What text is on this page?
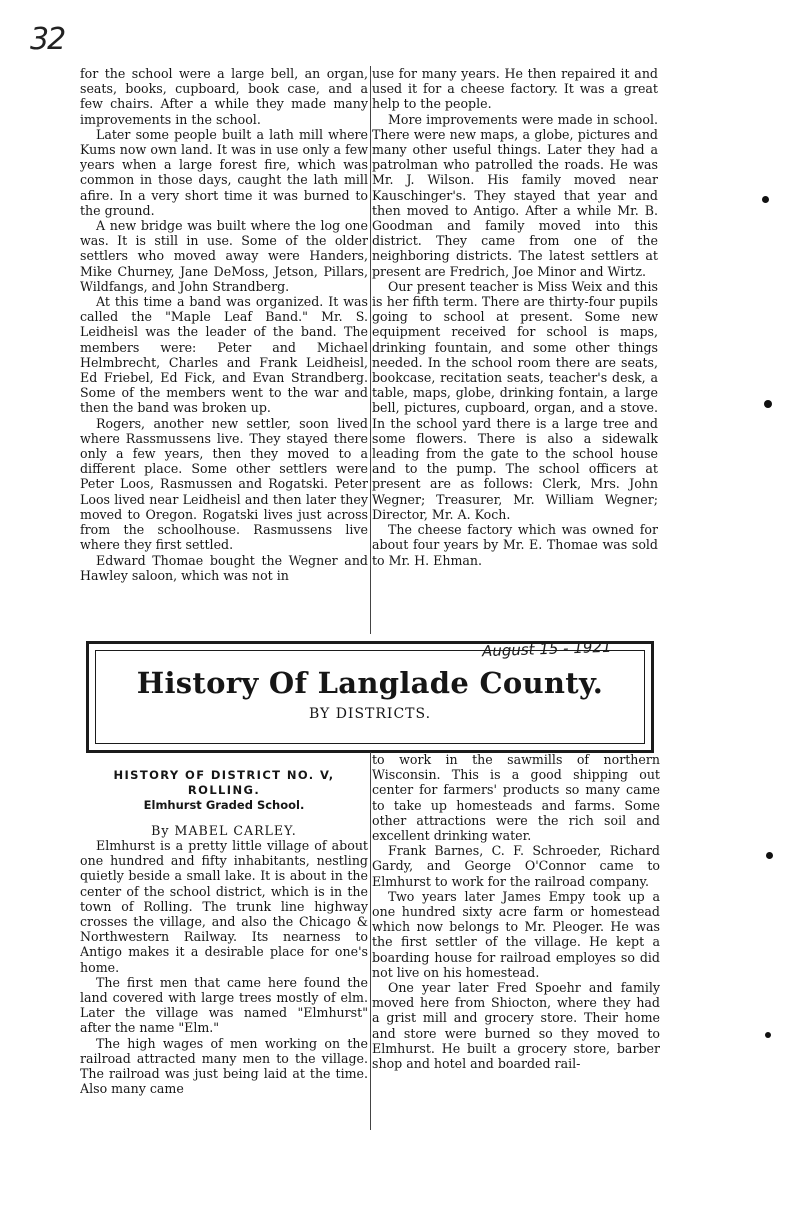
32

for the school were a large bell, an organ, seats, books, cupboard, book case, and a few chairs. After a while they made many improvements in the school.

Later some people built a lath mill where Kums now own land. It was in use only a few years when a large forest fire, which was common in those days, caught the lath mill afire. In a very short time it was burned to the ground.

A new bridge was built where the log one was. It is still in use. Some of the older settlers who moved away were Handers, Mike Churney, Jane DeMoss, Jetson, Pillars, Wildfangs, and John Strandberg.

At this time a band was organized. It was called the "Maple Leaf Band." Mr. S. Leidheisl was the leader of the band. The members were: Peter and Michael Helmbrecht, Charles and Frank Leidheisl, Ed Friebel, Ed Fick, and Evan Strandberg. Some of the members went to the war and then the band was broken up.

Rogers, another new settler, soon lived where Rassmussens live. They stayed there only a few years, then they moved to a different place. Some other settlers were Peter Loos, Rasmussen and Rogatski. Peter Loos lived near Leidheisl and then later they moved to Oregon. Rogatski lives just across from the schoolhouse. Rasmussens live where they first settled.

Edward Thomae bought the Wegner and Hawley saloon, which was not in

use for many years. He then repaired it and used it for a cheese factory. It was a great help to the people.

More improvements were made in school. There were new maps, a globe, pictures and many other useful things. Later they had a patrolman who patrolled the roads. He was Mr. J. Wilson. His family moved near Kauschinger's. They stayed that year and then moved to Antigo. After a while Mr. B. Goodman and family moved into this district. They came from one of the neighboring districts. The latest settlers at present are Fredrich, Joe Minor and Wirtz.

Our present teacher is Miss Weix and this is her fifth term. There are thirty-four pupils going to school at present. Some new equipment received for school is maps, drinking fountain, and some other things needed. In the school room there are seats, bookcase, recitation seats, teacher's desk, a table, maps, globe, drinking fontain, a large bell, pictures, cupboard, organ, and a stove. In the school yard there is a large tree and some flowers. There is also a sidewalk leading from the gate to the school house and to the pump. The school officers at present are as follows: Clerk, Mrs. John Wegner; Treasurer, Mr. William Wegner; Director, Mr. A. Koch.

The cheese factory which was owned for about four years by Mr. E. Thomae was sold to Mr. H. Ehman.

History Of Langlade County.
BY DISTRICTS.
August 15 - 1921
HISTORY OF DISTRICT NO. V, ROLLING.
Elmhurst Graded School.
By MABEL CARLEY.

Elmhurst is a pretty little village of about one hundred and fifty inhabitants, nestling quietly beside a small lake. It is about in the center of the school district, which is in the town of Rolling. The trunk line highway crosses the village, and also the Chicago & Northwestern Railway. Its nearness to Antigo makes it a desirable place for one's home.

The first men that came here found the land covered with large trees mostly of elm. Later the village was named "Elmhurst" after the name "Elm."

The high wages of men working on the railroad attracted many men to the village. The railroad was just being laid at the time. Also many came

to work in the sawmills of northern Wisconsin. This is a good shipping out center for farmers' products so many came to take up homesteads and farms. Some other attractions were the rich soil and excellent drinking water.

Frank Barnes, C. F. Schroeder, Richard Gardy, and George O'Connor came to Elmhurst to work for the railroad company.

Two years later James Empy took up a one hundred sixty acre farm or homestead which now belongs to Mr. Pleoger. He was the first settler of the village. He kept a boarding house for railroad employes so did not live on his homestead.

One year later Fred Spoehr and family moved here from Shiocton, where they had a grist mill and grocery store. Their home and store were burned so they moved to Elmhurst. He built a grocery store, barber shop and hotel and boarded rail-
